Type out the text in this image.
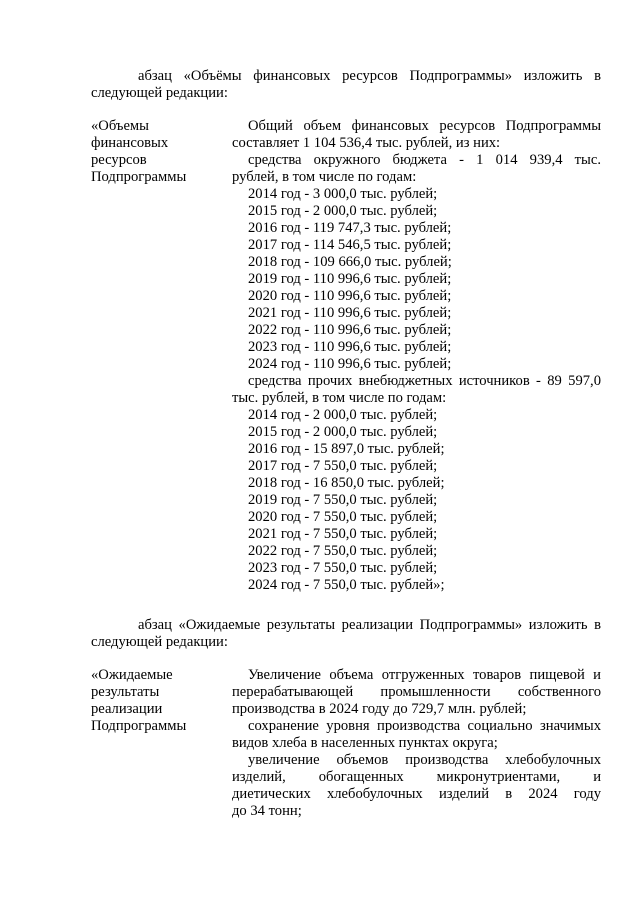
абзац «Объёмы финансовых ресурсов Подпрограммы» изложить в
следующей редакции:
«Объемы
финансовых
ресурсов
Подпрограммы
Общий объем финансовых ресурсов Подпрограммы
составляет 1 104 536,4 тыс. рублей, из них:
средства окружного бюджета - 1 014 939,4 тыс.
рублей, в том числе по годам:
2014 год - 3 000,0 тыс. рублей;
2015 год - 2 000,0 тыс. рублей;
2016 год - 119 747,3 тыс. рублей;
2017 год - 114 546,5 тыс. рублей;
2018 год - 109 666,0 тыс. рублей;
2019 год - 110 996,6 тыс. рублей;
2020 год - 110 996,6 тыс. рублей;
2021 год - 110 996,6 тыс. рублей;
2022 год - 110 996,6 тыс. рублей;
2023 год - 110 996,6 тыс. рублей;
2024 год - 110 996,6 тыс. рублей;
средства прочих внебюджетных источников - 89 597,0
тыс. рублей, в том числе по годам:
2014 год - 2 000,0 тыс. рублей;
2015 год - 2 000,0 тыс. рублей;
2016 год - 15 897,0 тыс. рублей;
2017 год - 7 550,0 тыс. рублей;
2018 год - 16 850,0 тыс. рублей;
2019 год - 7 550,0 тыс. рублей;
2020 год - 7 550,0 тыс. рублей;
2021 год - 7 550,0 тыс. рублей;
2022 год - 7 550,0 тыс. рублей;
2023 год - 7 550,0 тыс. рублей;
2024 год - 7 550,0 тыс. рублей»;
абзац «Ожидаемые результаты реализации Подпрограммы» изложить в
следующей редакции:
«Ожидаемые
результаты
реализации
Подпрограммы
Увеличение объема отгруженных товаров пищевой и
перерабатывающей промышленности собственного
производства в 2024 году до 729,7 млн. рублей;
сохранение уровня производства социально значимых
видов хлеба в населенных пунктах округа;
увеличение объемов производства хлебобулочных
изделий, обогащенных микронутриентами, и
диетических хлебобулочных изделий в 2024 году
до 34 тонн;
